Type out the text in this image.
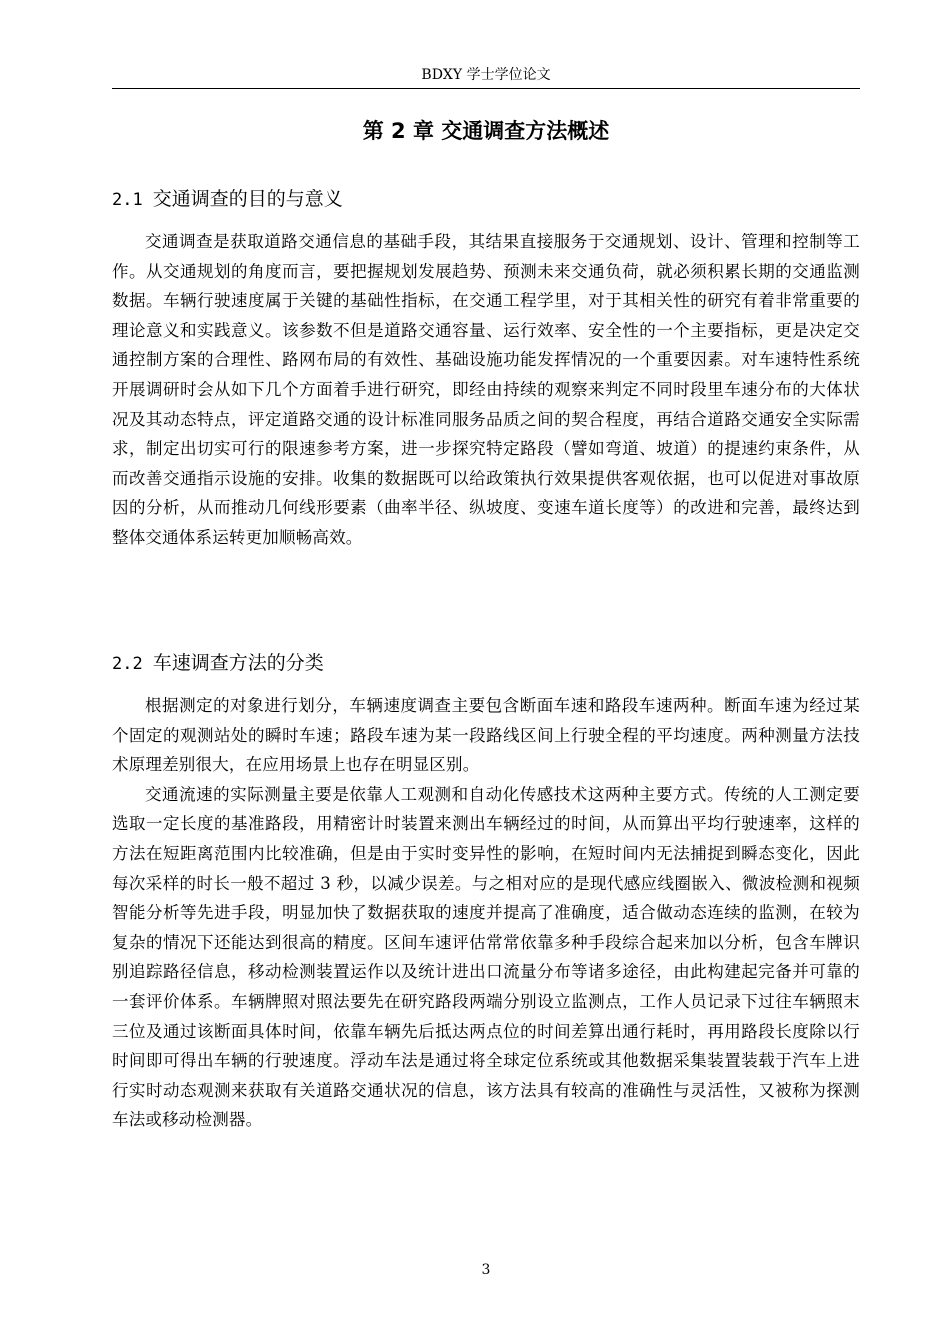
BDXY 学士学位论文
第 2 章 交通调查方法概述
2.1 交通调查的目的与意义

交通调查是获取道路交通信息的基础手段，其结果直接服务于交通规划、设计、管理和控制等工作。从交通规划的角度而言，要把握规划发展趋势、预测未来交通负荷，就必须积累长期的交通监测数据。车辆行驶速度属于关键的基础性指标，在交通工程学里，对于其相关性的研究有着非常重要的理论意义和实践意义。该参数不但是道路交通容量、运行效率、安全性的一个主要指标，更是决定交通控制方案的合理性、路网布局的有效性、基础设施功能发挥情况的一个重要因素。对车速特性系统开展调研时会从如下几个方面着手进行研究，即经由持续的观察来判定不同时段里车速分布的大体状况及其动态特点，评定道路交通的设计标准同服务品质之间的契合程度，再结合道路交通安全实际需求，制定出切实可行的限速参考方案，进一步探究特定路段（譬如弯道、坡道）的提速约束条件，从而改善交通指示设施的安排。收集的数据既可以给政策执行效果提供客观依据，也可以促进对事故原因的分析，从而推动几何线形要素（曲率半径、纵坡度、变速车道长度等）的改进和完善，最终达到整体交通体系运转更加顺畅高效。

2.2 车速调查方法的分类

根据测定的对象进行划分，车辆速度调查主要包含断面车速和路段车速两种。断面车速为经过某个固定的观测站处的瞬时车速；路段车速为某一段路线区间上行驶全程的平均速度。两种测量方法技术原理差别很大，在应用场景上也存在明显区别。

交通流速的实际测量主要是依靠人工观测和自动化传感技术这两种主要方式。传统的人工测定要选取一定长度的基准路段，用精密计时装置来测出车辆经过的时间，从而算出平均行驶速率，这样的方法在短距离范围内比较准确，但是由于实时变异性的影响，在短时间内无法捕捉到瞬态变化，因此每次采样的时长一般不超过 3 秒，以减少误差。与之相对应的是现代感应线圈嵌入、微波检测和视频智能分析等先进手段，明显加快了数据获取的速度并提高了准确度，适合做动态连续的监测，在较为复杂的情况下还能达到很高的精度。区间车速评估常常依靠多种手段综合起来加以分析，包含车牌识别追踪路径信息，移动检测装置运作以及统计进出口流量分布等诸多途径，由此构建起完备并可靠的一套评价体系。车辆牌照对照法要先在研究路段两端分别设立监测点，工作人员记录下过往车辆照末三位及通过该断面具体时间，依靠车辆先后抵达两点位的时间差算出通行耗时，再用路段长度除以行时间即可得出车辆的行驶速度。浮动车法是通过将全球定位系统或其他数据采集装置装载于汽车上进行实时动态观测来获取有关道路交通状况的信息，该方法具有较高的准确性与灵活性，又被称为探测车法或移动检测器。

3
